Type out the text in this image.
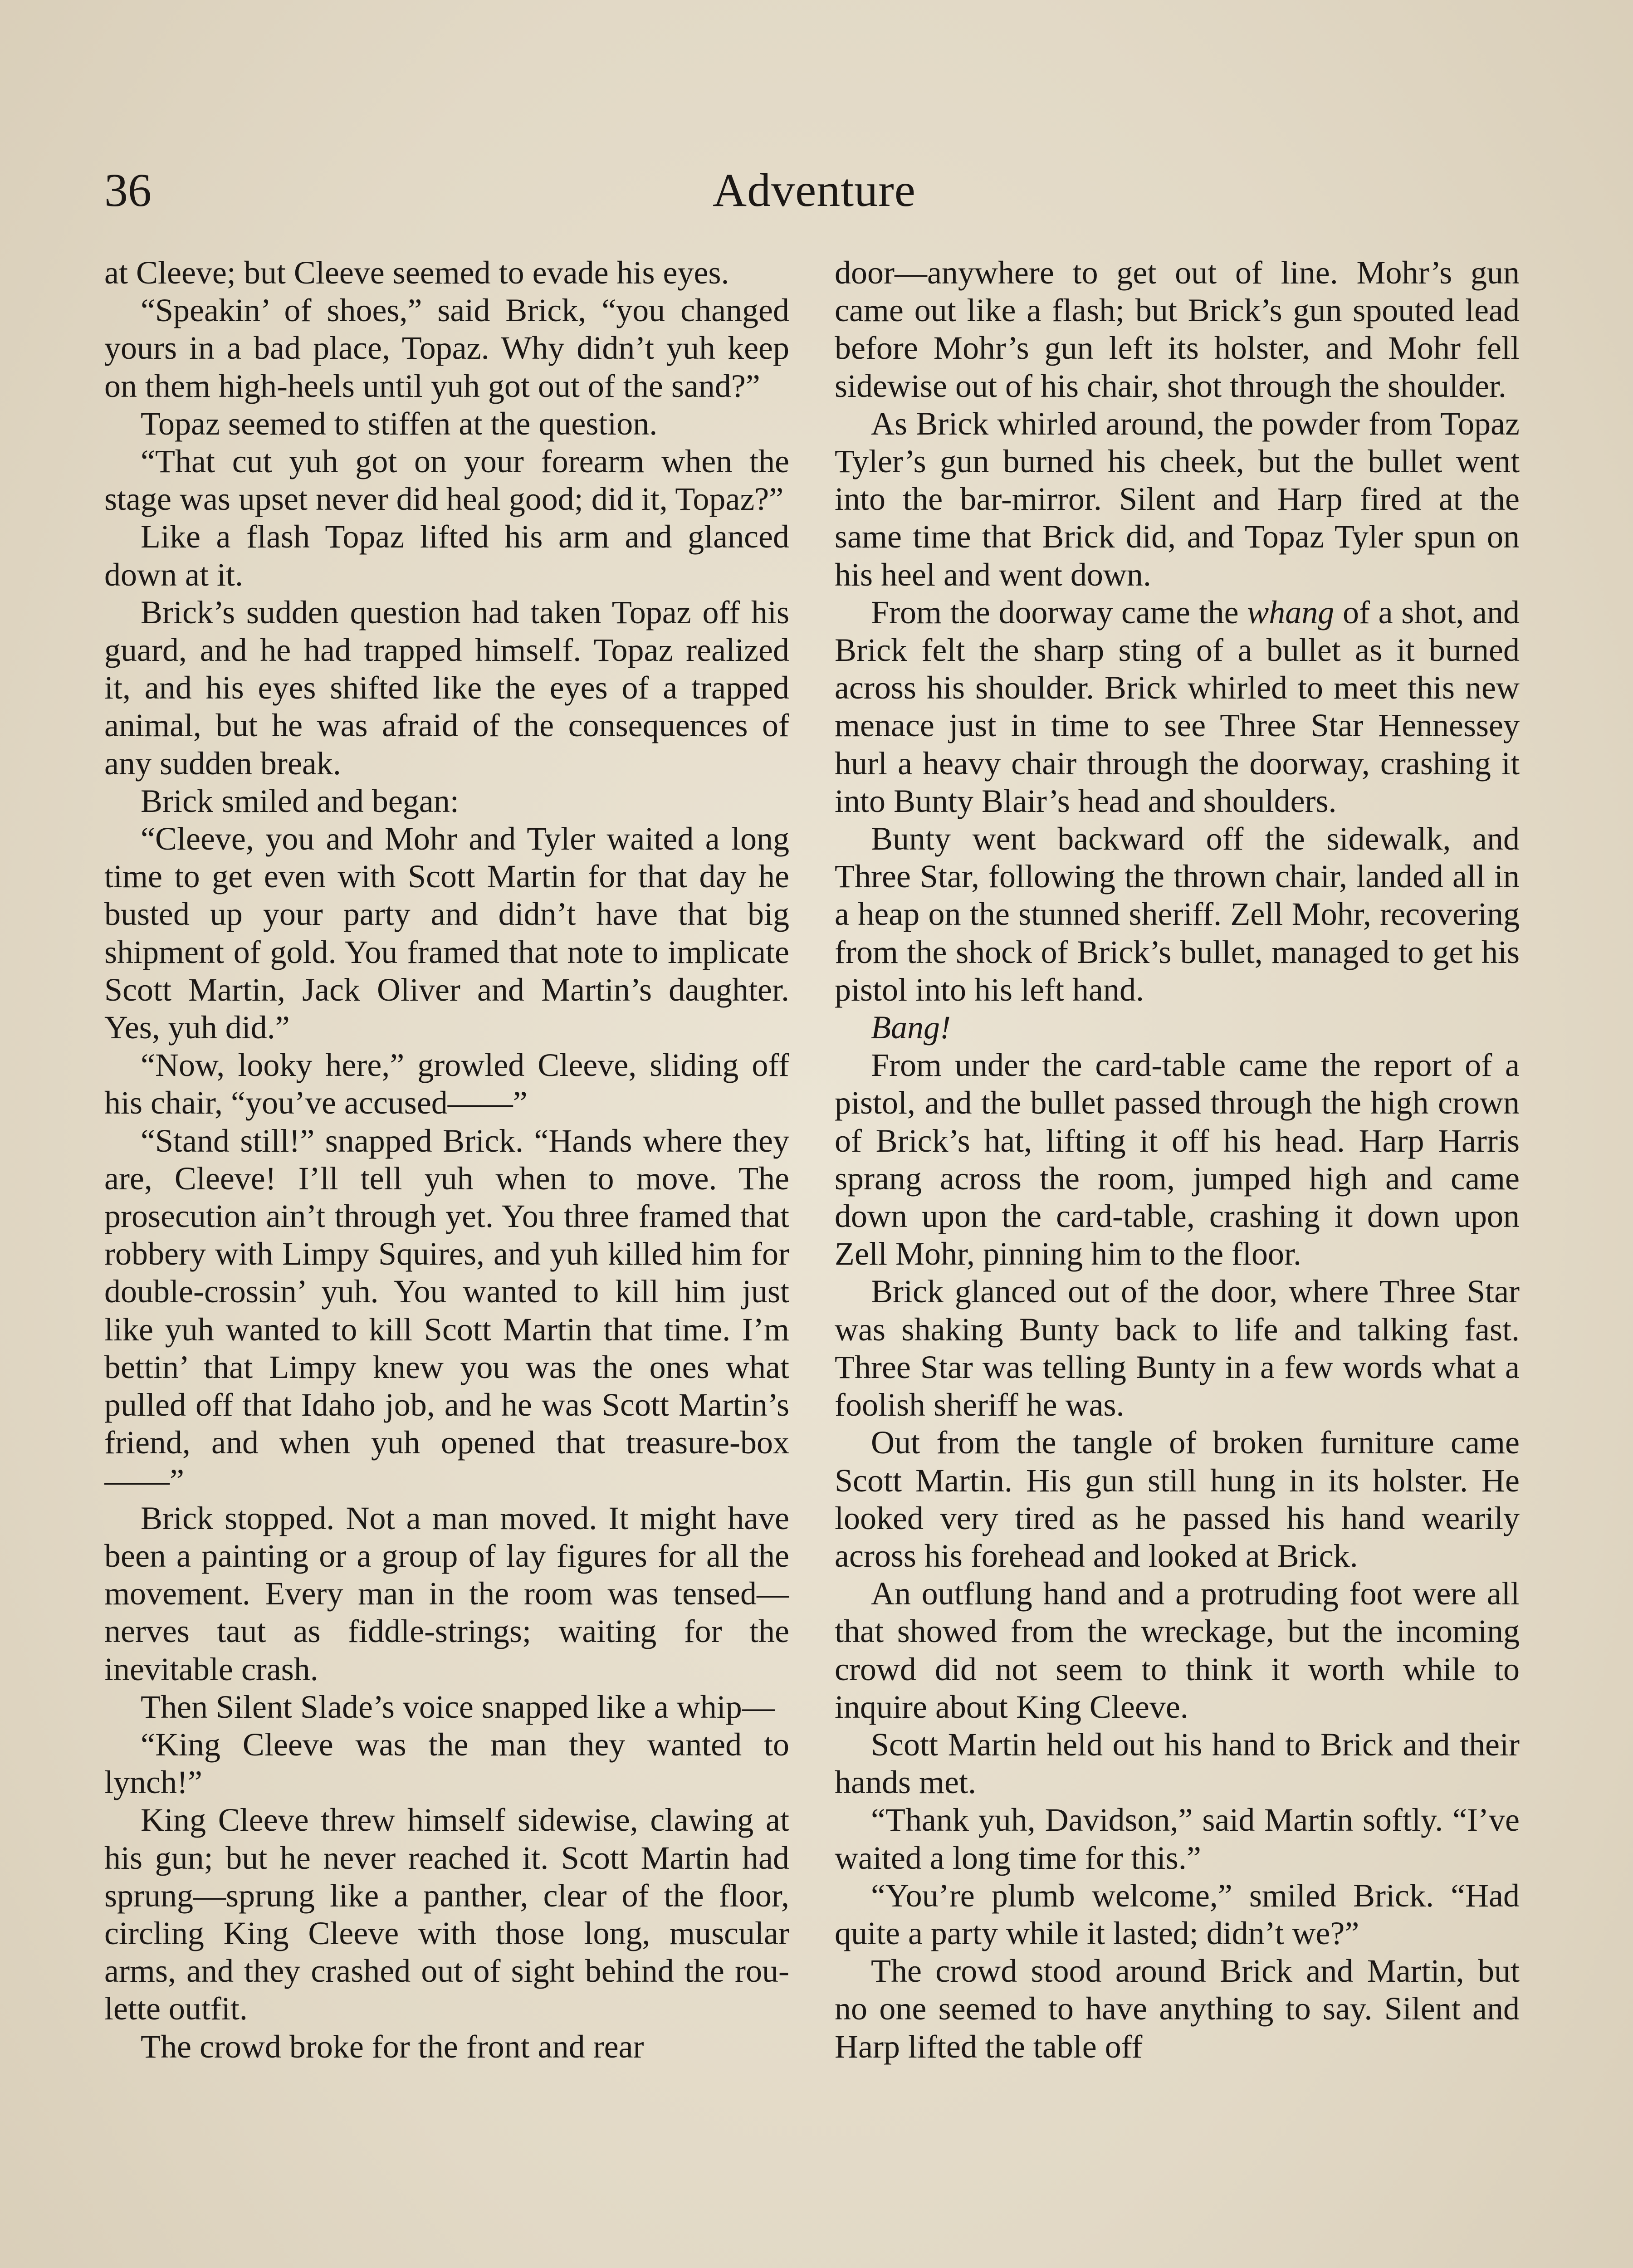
36	Adventure

at Cleeve; but Cleeve seemed to evade his eyes.

“Speakin’ of shoes,” said Brick, “you changed yours in a bad place, Topaz. Why didn’t yuh keep on them high-heels until yuh got out of the sand?”

Topaz seemed to stiffen at the question.

“That cut yuh got on your forearm when the stage was upset never did heal good; did it, Topaz?”

Like a flash Topaz lifted his arm and glanced down at it.

Brick’s sudden question had taken Topaz off his guard, and he had trapped himself. Topaz realized it, and his eyes shifted like the eyes of a trapped animal, but he was afraid of the consequences of any sudden break.

Brick smiled and began:

“Cleeve, you and Mohr and Tyler waited a long time to get even with Scott Martin for that day he busted up your party and didn’t have that big shipment of gold. You framed that note to implicate Scott Martin, Jack Oliver and Martin’s daughter. Yes, yuh did.”

“Now, looky here,” growled Cleeve, sliding off his chair, “you’ve accused——”

“Stand still!” snapped Brick. “Hands where they are, Cleeve! I’ll tell yuh when to move. The prosecution ain’t through yet. You three framed that robbery with Limpy Squires, and yuh killed him for double-crossin’ yuh. You wanted to kill him just like yuh wanted to kill Scott Martin that time. I’m bettin’ that Limpy knew you was the ones what pulled off that Idaho job, and he was Scott Martin’s friend, and when yuh opened that treasure-box——”

Brick stopped. Not a man moved. It might have been a painting or a group of lay figures for all the movement. Every man in the room was tensed—nerves taut as fiddle-strings; waiting for the inevitable crash.

Then Silent Slade’s voice snapped like a whip—

“King Cleeve was the man they wanted to lynch!”

King Cleeve threw himself sidewise, clawing at his gun; but he never reached it. Scott Martin had sprung—sprung like a panther, clear of the floor, circling King Cleeve with those long, muscular arms, and they crashed out of sight behind the roulette outfit.

The crowd broke for the front and rear

door—anywhere to get out of line. Mohr’s gun came out like a flash; but Brick’s gun spouted lead before Mohr’s gun left its holster, and Mohr fell sidewise out of his chair, shot through the shoulder.

As Brick whirled around, the powder from Topaz Tyler’s gun burned his cheek, but the bullet went into the bar-mirror. Silent and Harp fired at the same time that Brick did, and Topaz Tyler spun on his heel and went down.

From the doorway came the whang of a shot, and Brick felt the sharp sting of a bullet as it burned across his shoulder. Brick whirled to meet this new menace just in time to see Three Star Hennessey hurl a heavy chair through the doorway, crashing it into Bunty Blair’s head and shoulders.

Bunty went backward off the sidewalk, and Three Star, following the thrown chair, landed all in a heap on the stunned sheriff. Zell Mohr, recovering from the shock of Brick’s bullet, managed to get his pistol into his left hand.

Bang!

From under the card-table came the report of a pistol, and the bullet passed through the high crown of Brick’s hat, lifting it off his head. Harp Harris sprang across the room, jumped high and came down upon the card-table, crashing it down upon Zell Mohr, pinning him to the floor.

Brick glanced out of the door, where Three Star was shaking Bunty back to life and talking fast. Three Star was telling Bunty in a few words what a foolish sheriff he was.

Out from the tangle of broken furniture came Scott Martin. His gun still hung in its holster. He looked very tired as he passed his hand wearily across his forehead and looked at Brick.

An outflung hand and a protruding foot were all that showed from the wreckage, but the incoming crowd did not seem to think it worth while to inquire about King Cleeve.

Scott Martin held out his hand to Brick and their hands met.

“Thank yuh, Davidson,” said Martin softly. “I’ve waited a long time for this.”

“You’re plumb welcome,” smiled Brick. “Had quite a party while it lasted; didn’t we?”

The crowd stood around Brick and Martin, but no one seemed to have anything to say. Silent and Harp lifted the table off
